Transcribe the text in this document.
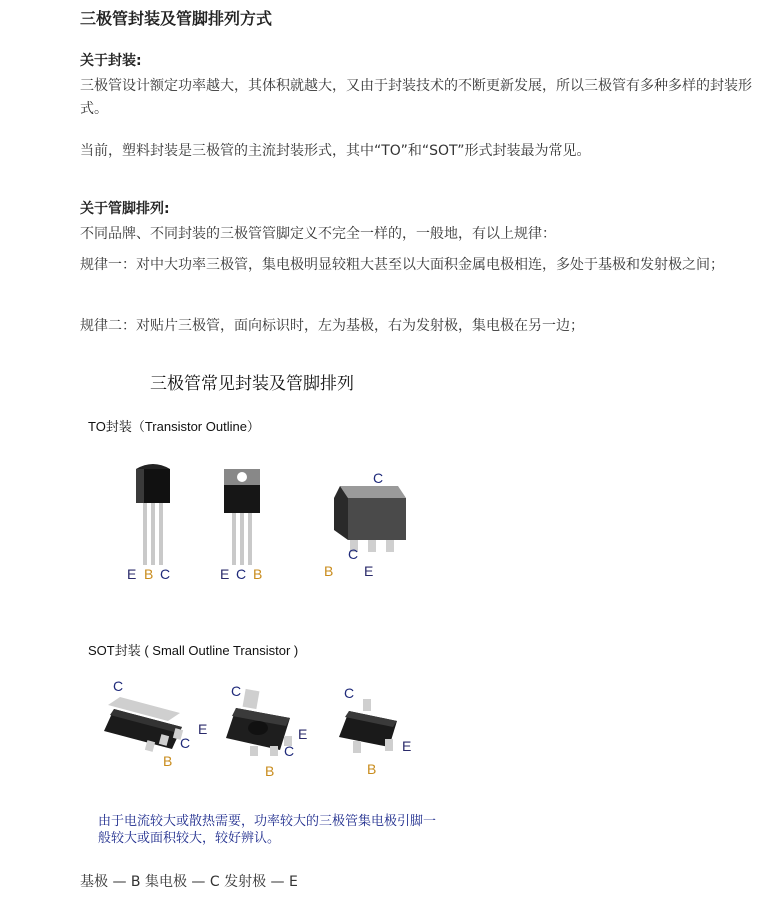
三极管封装及管脚排列方式
关于封装:
三极管设计额定功率越大，其体积就越大，又由于封装技术的不断更新发展，所以三极管有多种多样的封装形式。
当前，塑料封装是三极管的主流封装形式，其中“TO”和“SOT”形式封装最为常见。
关于管脚排列:
不同品牌、不同封装的三极管管脚定义不完全一样的，一般地，有以上规律：
规律一：对中大功率三极管，集电极明显较粗大甚至以大面积金属电极相连，多处于基极和发射极之间；
规律二：对贴片三极管，面向标识时，左为基极，右为发射极，集电极在另一边；
三极管常见封装及管脚排列
TO封装（Transistor Outline）
E B C	E C B
C
B
C
E
SOT封装 ( Small Outline Transistor )
C
C
E
B
C
C
E
B
C
E
B
由于电流较大或散热需要，功率较大的三极管集电极引脚一般较大或面积较大，较好辨认。
基极 — B 集电极 — C 发射极 — E
